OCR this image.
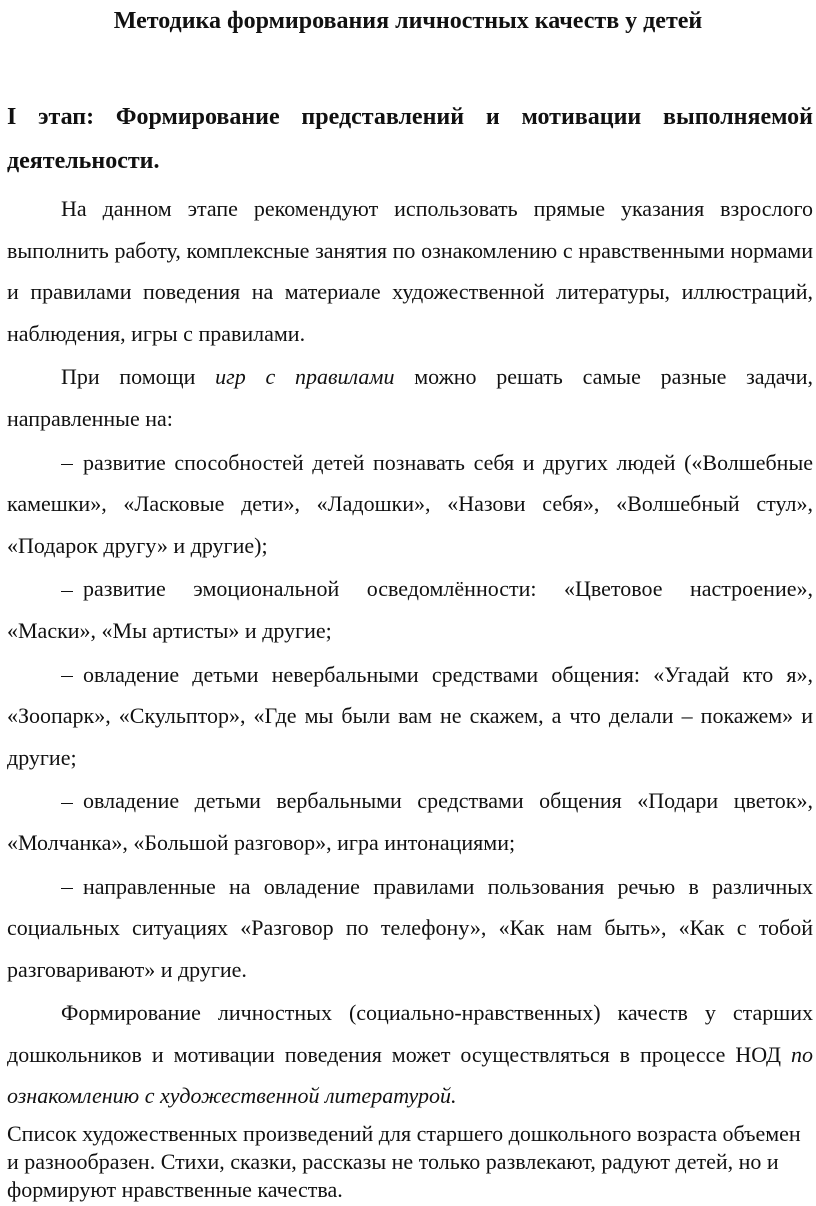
Методика формирования личностных качеств у детей
I этап: Формирование представлений и мотивации выполняемой деятельности.

На данном этапе рекомендуют использовать прямые указания взрослого выполнить работу, комплексные занятия по ознакомлению с нравственными нормами и правилами поведения на материале художественной литературы, иллюстраций, наблюдения, игры с правилами.

При помощи игр с правилами можно решать самые разные задачи, направленные на:

развитие способностей детей познавать себя и других людей («Волшебные камешки», «Ласковые дети», «Ладошки», «Назови себя», «Волшебный стул», «Подарок другу» и другие);

развитие эмоциональной осведомлённости: «Цветовое настроение», «Маски», «Мы артисты» и другие;

овладение детьми невербальными средствами общения: «Угадай кто я», «Зоопарк», «Скульптор», «Где мы были вам не скажем, а что делали – покажем» и другие;

овладение детьми вербальными средствами общения «Подари цветок», «Молчанка», «Большой разговор», игра интонациями;

направленные на овладение правилами пользования речью в различных социальных ситуациях «Разговор по телефону», «Как нам быть», «Как с тобой разговаривают» и другие.

Формирование личностных (социально-нравственных) качеств у старших дошкольников и мотивации поведения может осуществляться в процессе НОД по ознакомлению с художественной литературой.

Список художественных произведений для старшего дошкольного возраста объемен и разнообразен. Стихи, сказки, рассказы не только развлекают, радуют детей, но и формируют нравственные качества.
